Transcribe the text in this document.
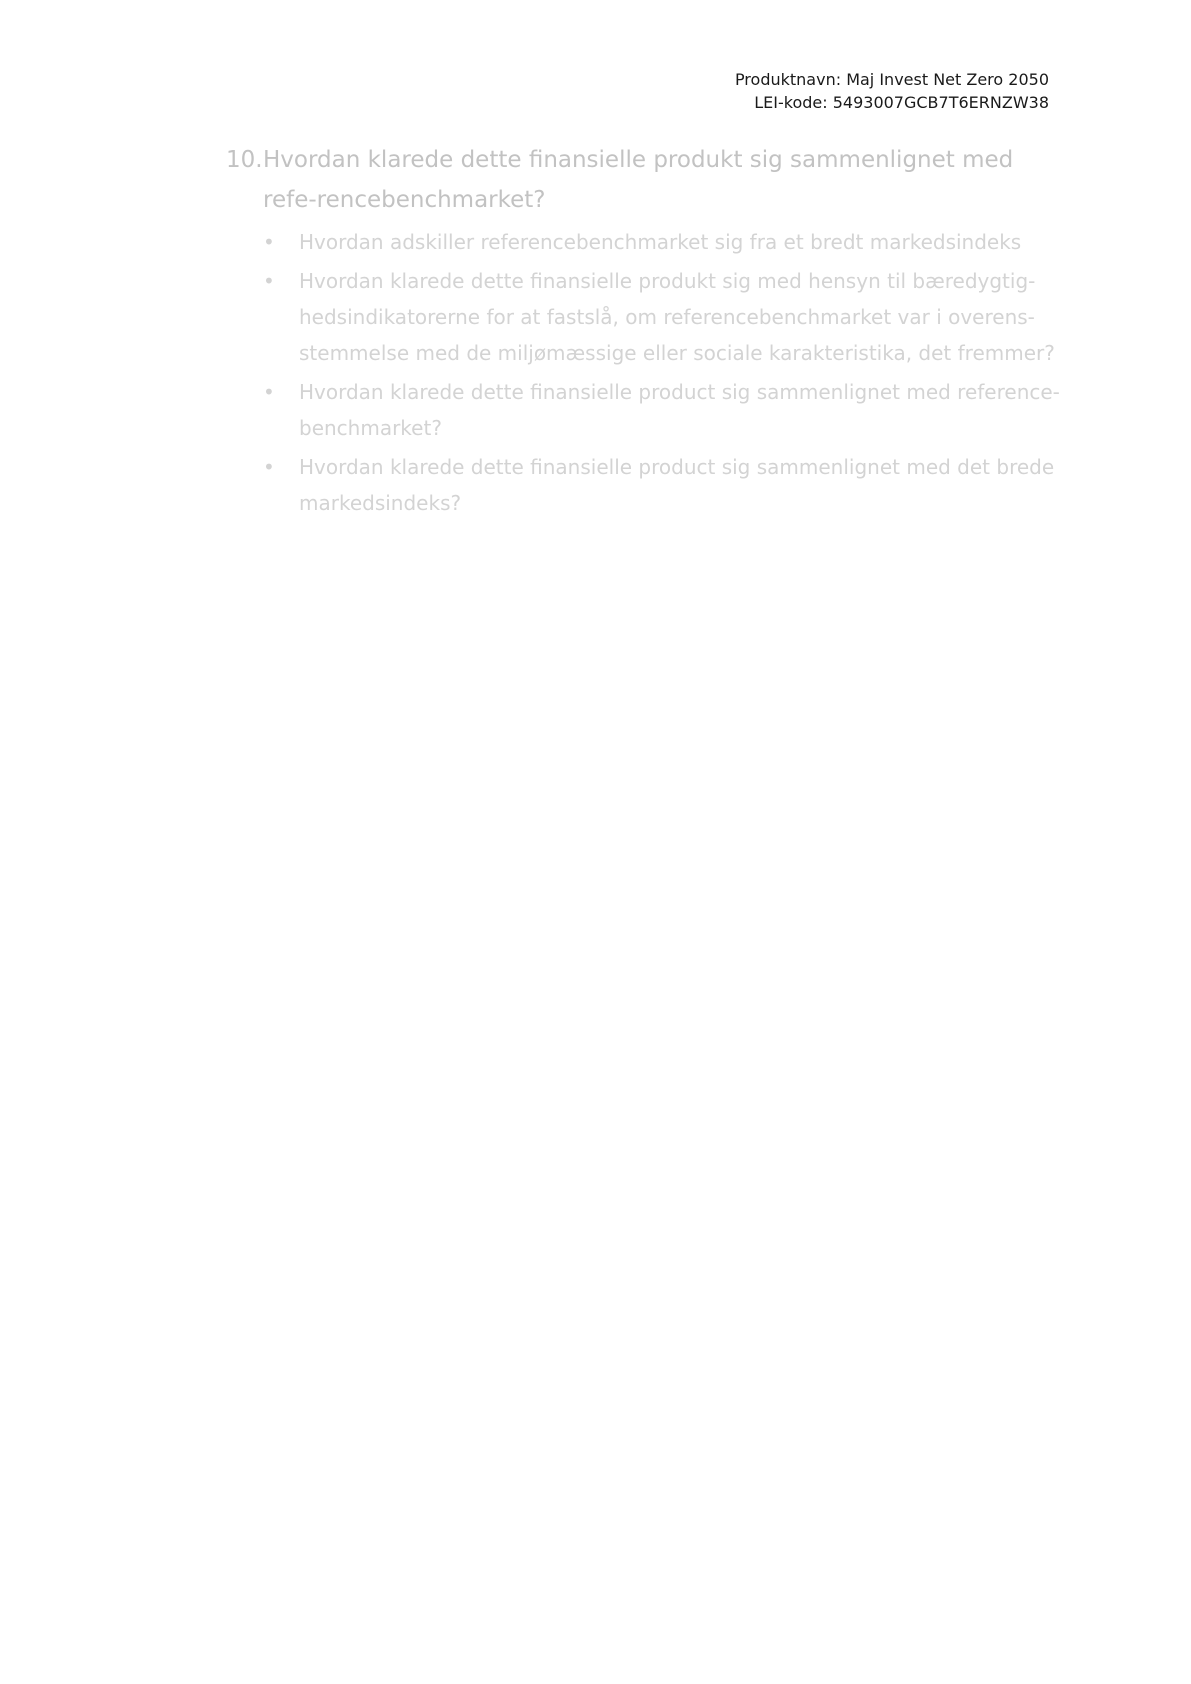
Produktnavn: Maj Invest Net Zero 2050
LEI-kode: 5493007GCB7T6ERNZW38
10. Hvordan klarede dette finansielle produkt sig sammenlignet med refe-rencebenchmarket?
• Hvordan adskiller referencebenchmarket sig fra et bredt markedsindeks
• Hvordan klarede dette finansielle produkt sig med hensyn til bæredygtig-hedsindikatorerne for at fastslå, om referencebenchmarket var i overens-stemmelse med de miljømæssige eller sociale karakteristika, det fremmer?
• Hvordan klarede dette finansielle product sig sammenlignet med reference-benchmarket?
• Hvordan klarede dette finansielle product sig sammenlignet med det brede markedsindeks?
